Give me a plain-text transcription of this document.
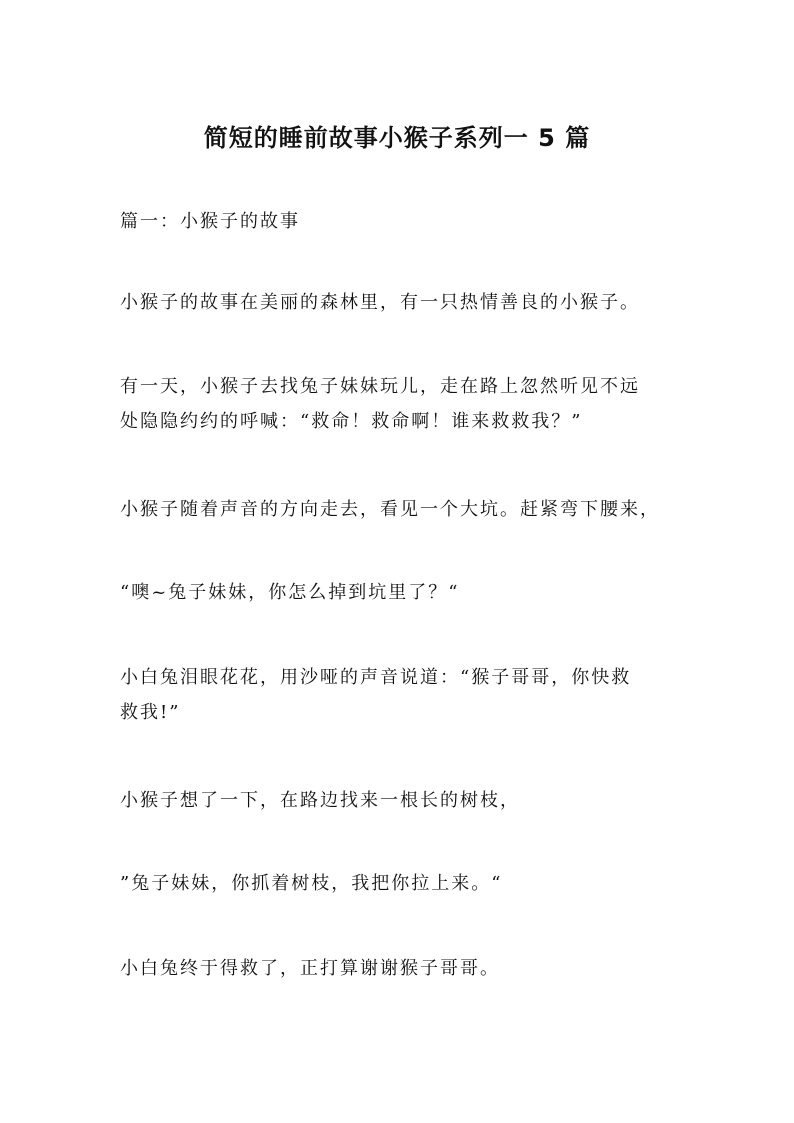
简短的睡前故事小猴子系列一 5 篇

篇一：小猴子的故事

小猴子的故事在美丽的森林里，有一只热情善良的小猴子。

有一天，小猴子去找兔子妹妹玩儿，走在路上忽然听见不远
处隐隐约约的呼喊：“救命！救命啊！谁来救救我？”

小猴子随着声音的方向走去，看见一个大坑。赶紧弯下腰来，

“噢~兔子妹妹，你怎么掉到坑里了？“

小白兔泪眼花花，用沙哑的声音说道：“猴子哥哥，你快救
救我!”

小猴子想了一下，在路边找来一根长的树枝，

”兔子妹妹，你抓着树枝，我把你拉上来。“

小白兔终于得救了，正打算谢谢猴子哥哥。
